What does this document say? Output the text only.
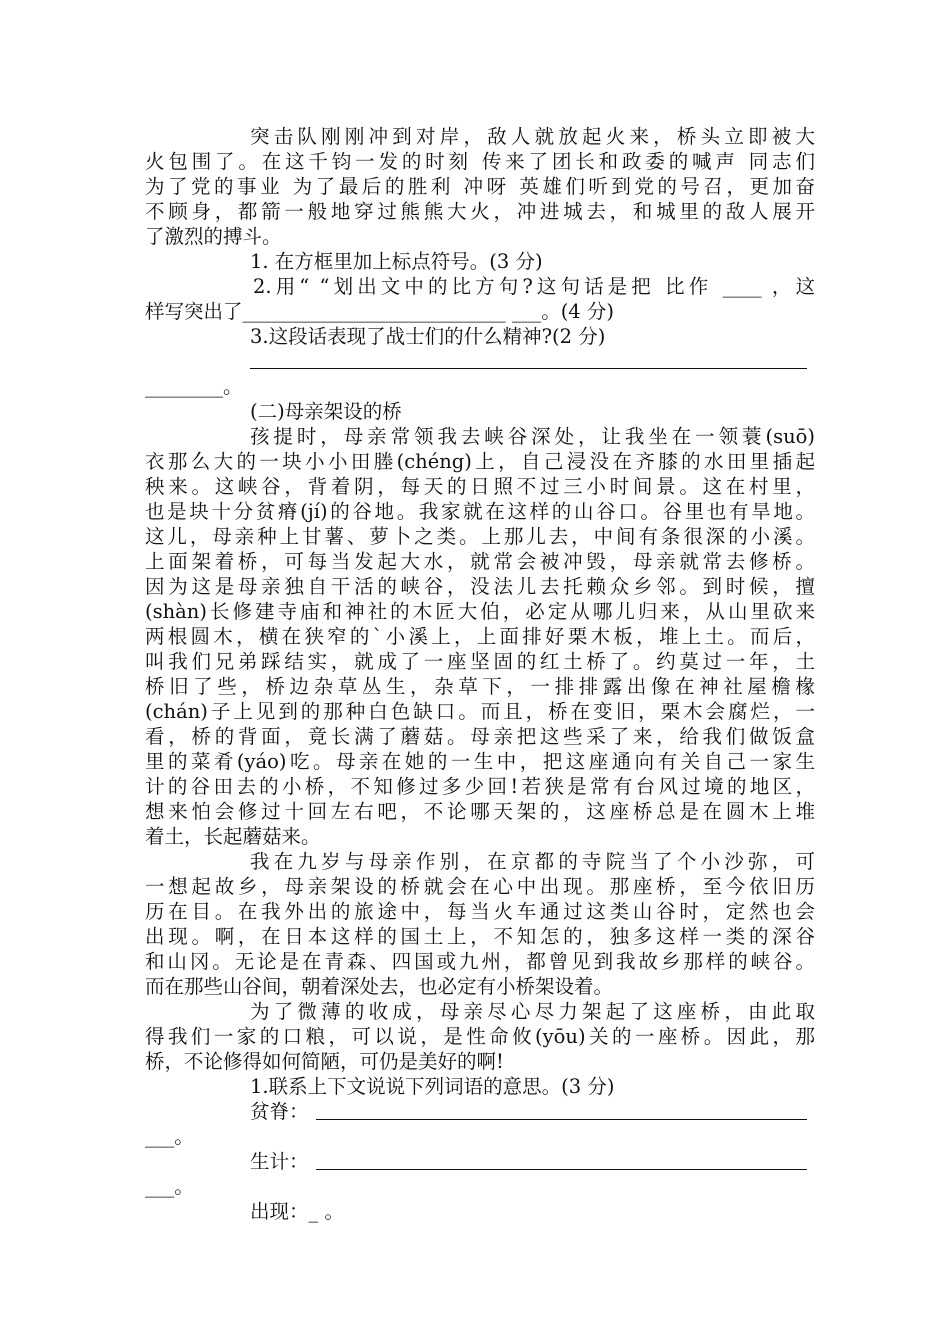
突击队刚刚冲到对岸，敌人就放起火来，桥头立即被大
火包围了。在这千钧一发的时刻 传来了团长和政委的喊声 同志们
为了党的事业 为了最后的胜利 冲呀 英雄们听到党的号召，更加奋
不顾身，都箭一般地穿过熊熊大火，冲进城去，和城里的敌人展开
了激烈的搏斗。
1. 在方框里加上标点符号。(3 分)
2.用“ “划出文中的比方句?这句话是把 比作 ____ ，这
样写突出了___________________________ ___。(4 分)
3.这段话表现了战士们的什么精神?(2 分)
________。
(二)母亲架设的桥
孩提时，母亲常领我去峡谷深处，让我坐在一领蓑(suō)
衣那么大的一块小小田塍(chéng)上，自己浸没在齐膝的水田里插起
秧来。这峡谷，背着阴，每天的日照不过三小时间景。这在村里，
也是块十分贫瘠(jí)的谷地。我家就在这样的山谷口。谷里也有旱地。
这儿，母亲种上甘薯、萝卜之类。上那儿去，中间有条很深的小溪。
上面架着桥，可每当发起大水，就常会被冲毁，母亲就常去修桥。
因为这是母亲独自干活的峡谷，没法儿去托赖众乡邻。到时候，擅
(shàn)长修建寺庙和神社的木匠大伯，必定从哪儿归来，从山里砍来
两根圆木，横在狭窄的`小溪上，上面排好栗木板，堆上土。而后，
叫我们兄弟踩结实，就成了一座坚固的红土桥了。约莫过一年，土
桥旧了些，桥边杂草丛生，杂草下，一排排露出像在神社屋檐椽
(chán)子上见到的那种白色缺口。而且，桥在变旧，栗木会腐烂，一
看，桥的背面，竟长满了蘑菇。母亲把这些采了来，给我们做饭盒
里的菜肴(yáo)吃。母亲在她的一生中，把这座通向有关自己一家生
计的谷田去的小桥，不知修过多少回!若狭是常有台风过境的地区，
想来怕会修过十回左右吧，不论哪天架的，这座桥总是在圆木上堆
着土，长起蘑菇来。
我在九岁与母亲作别，在京都的寺院当了个小沙弥，可
一想起故乡，母亲架设的桥就会在心中出现。那座桥，至今依旧历
历在目。在我外出的旅途中，每当火车通过这类山谷时，定然也会
出现。啊，在日本这样的国土上，不知怎的，独多这样一类的深谷
和山冈。无论是在青森、四国或九州，都曾见到我故乡那样的峡谷。
而在那些山谷间，朝着深处去，也必定有小桥架设着。
为了微薄的收成，母亲尽心尽力架起了这座桥，由此取
得我们一家的口粮，可以说，是性命攸(yōu)关的一座桥。因此，那
桥，不论修得如何简陋，可仍是美好的啊!
1.联系上下文说说下列词语的意思。(3 分)
贫脊：
___。
生计：
___。
出现：_ 。
